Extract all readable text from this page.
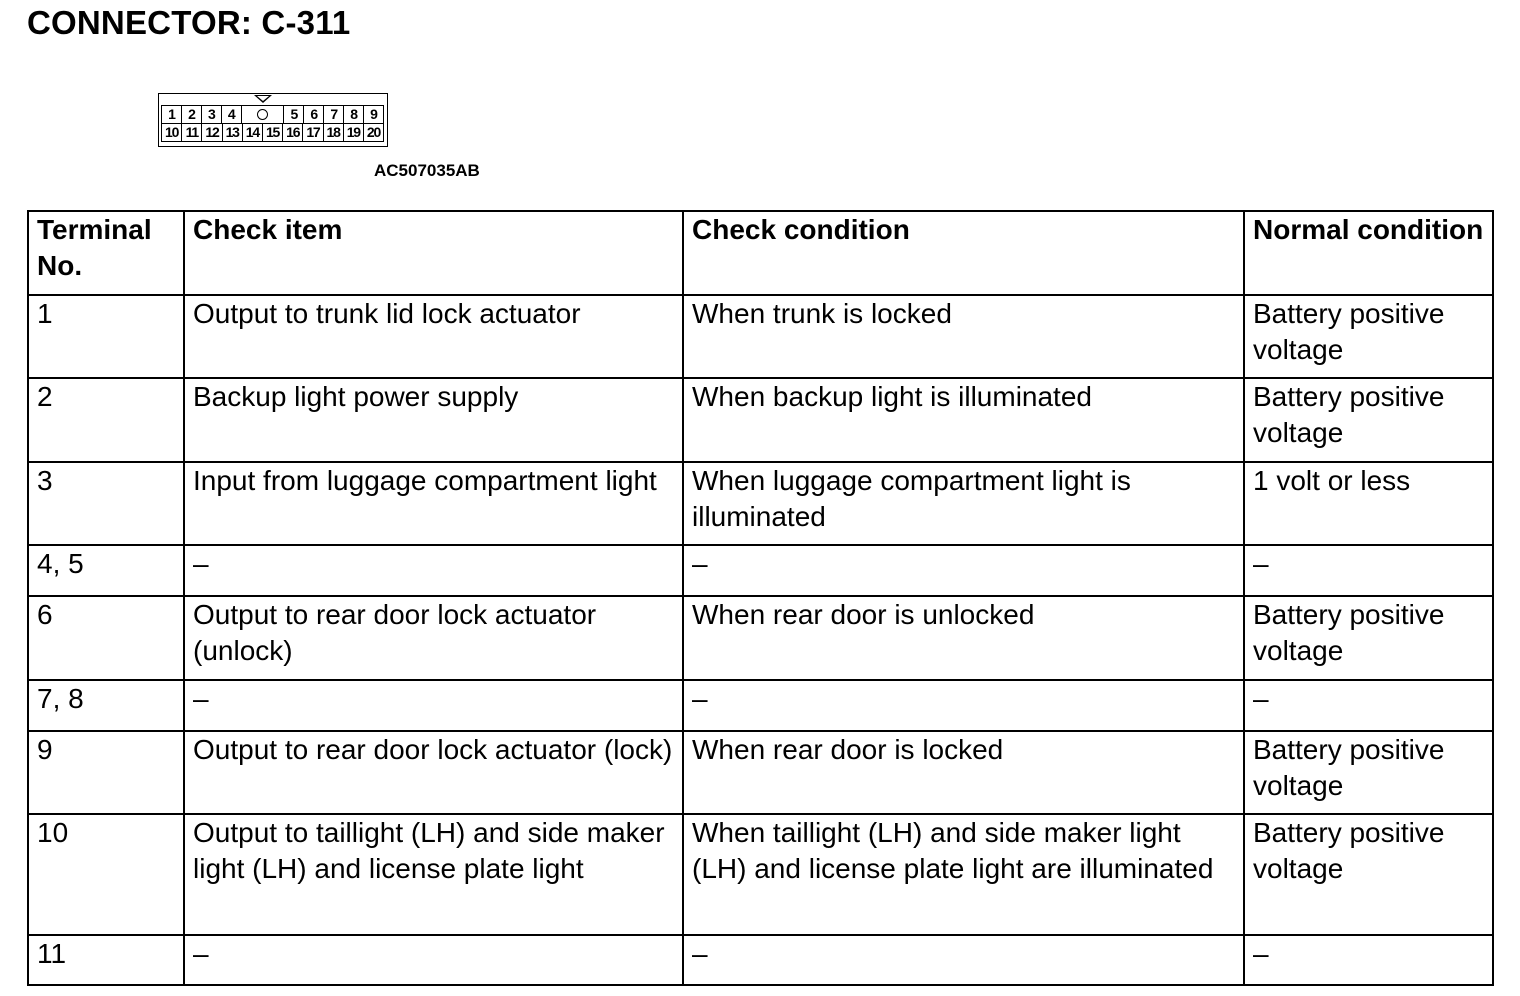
CONNECTOR: C-311
1 2 3 4	5 6 7 8 9
10 11 12 13 14 15 16 17 18 19 20
AC507035AB
Terminal No.	Check item	Check condition	Normal condition
1	Output to trunk lid lock actuator	When trunk is locked	Battery positive voltage
2	Backup light power supply	When backup light is illuminated	Battery positive voltage
3	Input from luggage compartment light	When luggage compartment light is illuminated	1 volt or less
4, 5	–	–	–
6	Output to rear door lock actuator (unlock)	When rear door is unlocked	Battery positive voltage
7, 8	–	–	–
9	Output to rear door lock actuator (lock)	When rear door is locked	Battery positive voltage
10	Output to taillight (LH) and side maker light (LH) and license plate light	When taillight (LH) and side maker light (LH) and license plate light are illuminated	Battery positive voltage
11	–	–	–
